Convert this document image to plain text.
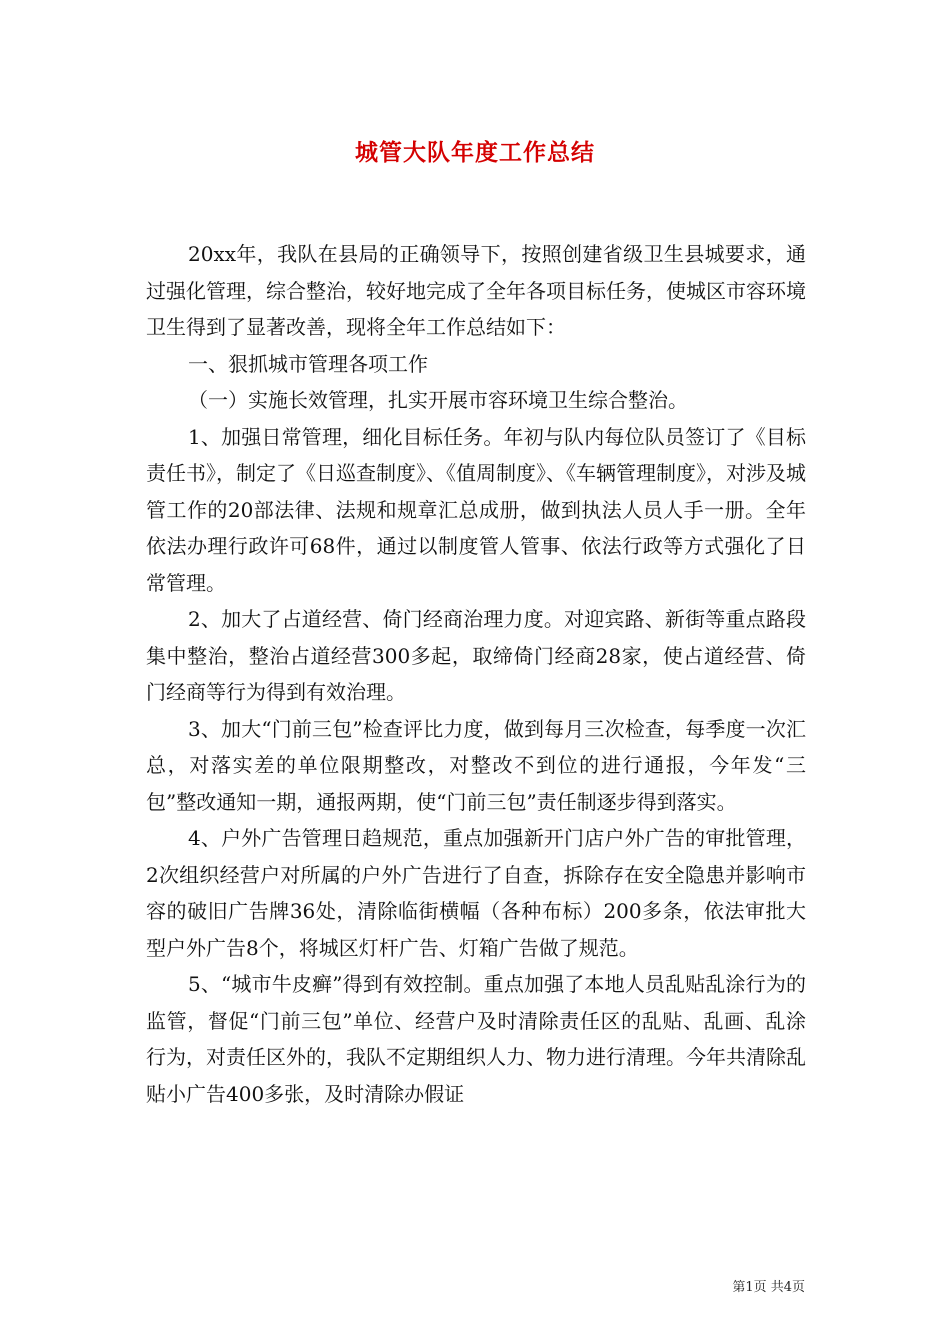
城管大队年度工作总结

20xx年，我队在县局的正确领导下，按照创建省级卫生县城要求，通过强化管理，综合整治，较好地完成了全年各项目标任务，使城区市容环境卫生得到了显著改善，现将全年工作总结如下：

一、狠抓城市管理各项工作

（一）实施长效管理，扎实开展市容环境卫生综合整治。

1、加强日常管理，细化目标任务。年初与队内每位队员签订了《目标责任书》，制定了《日巡查制度》、《值周制度》、《车辆管理制度》，对涉及城管工作的20部法律、法规和规章汇总成册，做到执法人员人手一册。全年依法办理行政许可68件，通过以制度管人管事、依法行政等方式强化了日常管理。

2、加大了占道经营、倚门经商治理力度。对迎宾路、新街等重点路段集中整治，整治占道经营300多起，取缔倚门经商28家，使占道经营、倚门经商等行为得到有效治理。

3、加大“门前三包”检查评比力度，做到每月三次检查，每季度一次汇总，对落实差的单位限期整改，对整改不到位的进行通报，今年发“三包”整改通知一期，通报两期，使“门前三包”责任制逐步得到落实。

4、户外广告管理日趋规范，重点加强新开门店户外广告的审批管理，2次组织经营户对所属的户外广告进行了自查，拆除存在安全隐患并影响市容的破旧广告牌36处，清除临街横幅（各种布标）200多条，依法审批大型户外广告8个，将城区灯杆广告、灯箱广告做了规范。

5、“城市牛皮癣”得到有效控制。重点加强了本地人员乱贴乱涂行为的监管，督促“门前三包”单位、经营户及时清除责任区的乱贴、乱画、乱涂行为，对责任区外的，我队不定期组织人力、物力进行清理。今年共清除乱贴小广告400多张，及时清除办假证

第1页 共4页
